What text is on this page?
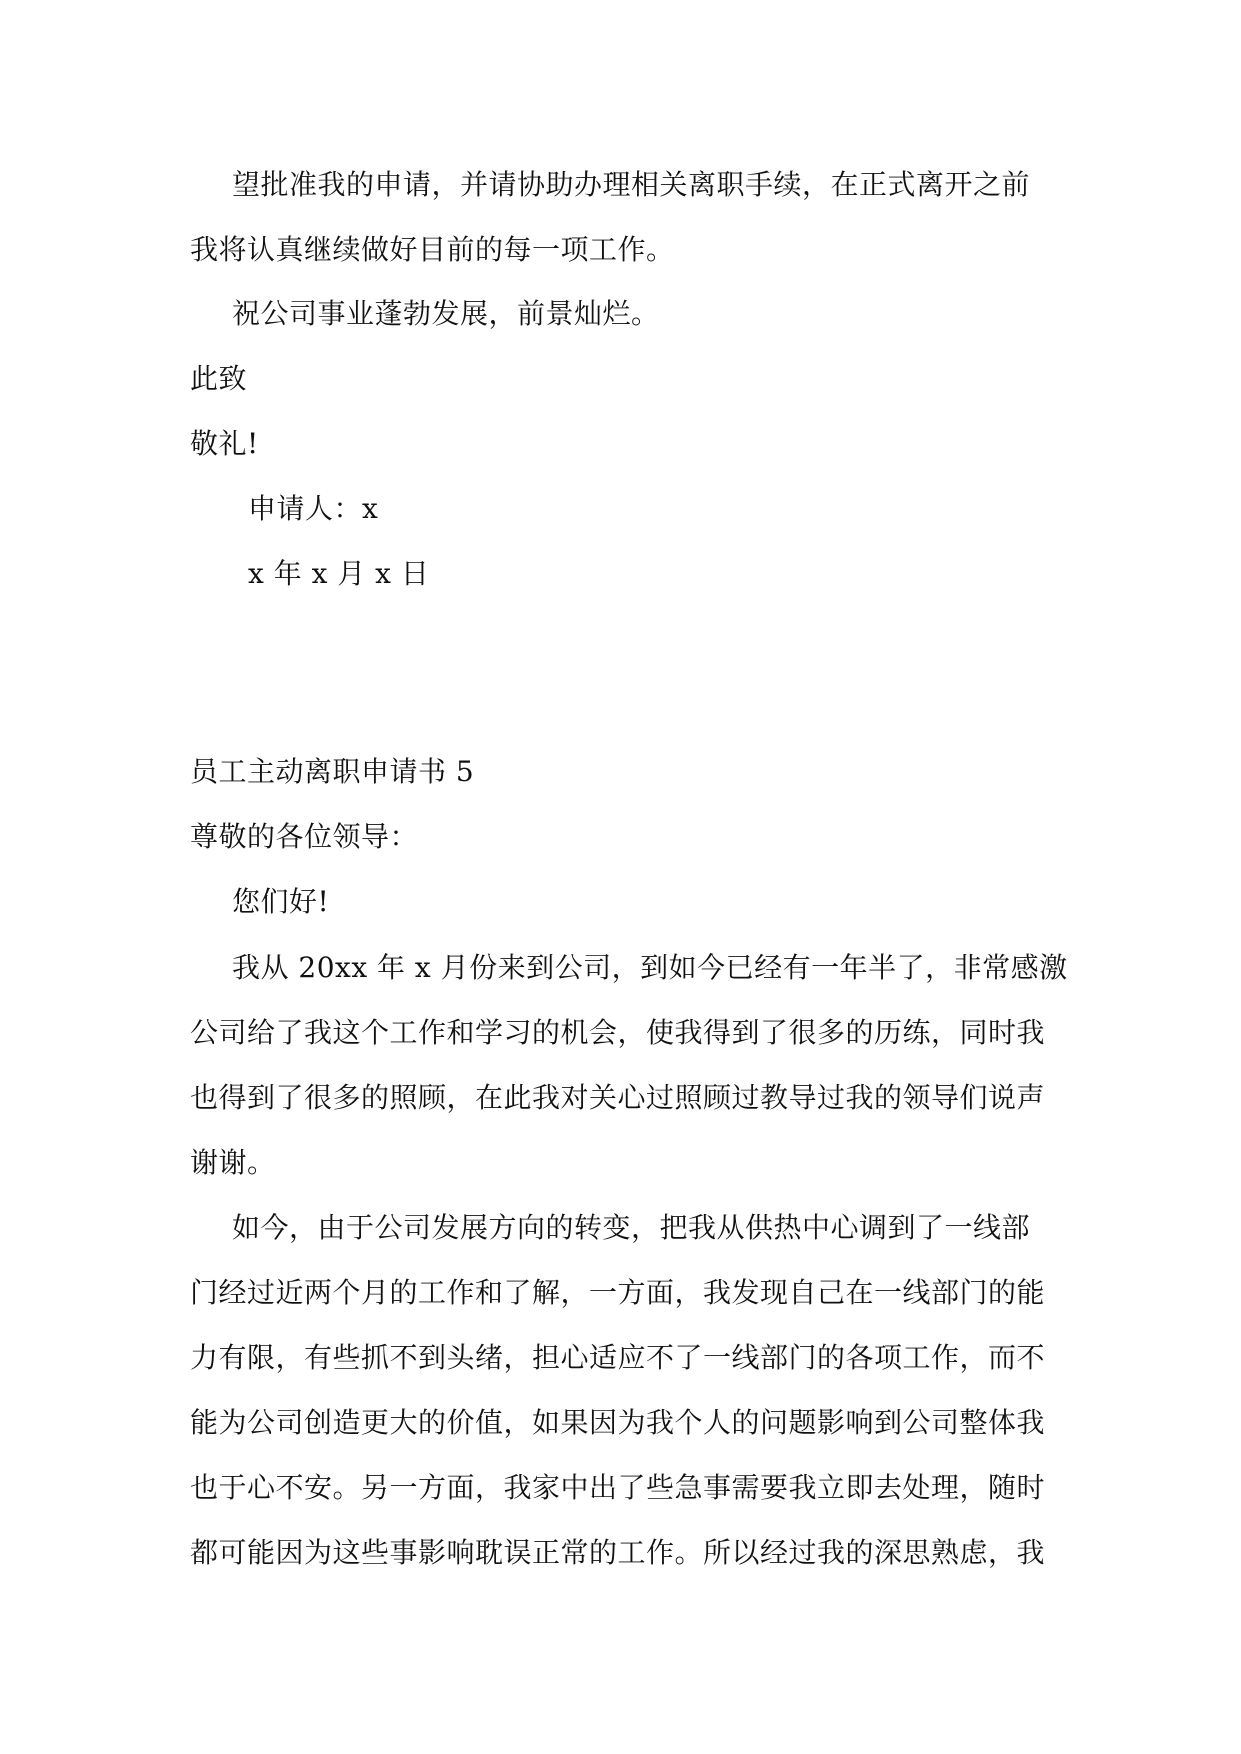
望批准我的申请，并请协助办理相关离职手续，在正式离开之前
我将认真继续做好目前的每一项工作。
祝公司事业蓬勃发展，前景灿烂。
此致
敬礼!
申请人：x
x 年 x 月 x 日
员工主动离职申请书 5
尊敬的各位领导：
您们好!
我从 20xx 年 x 月份来到公司，到如今已经有一年半了，非常感激
公司给了我这个工作和学习的机会，使我得到了很多的历练，同时我
也得到了很多的照顾，在此我对关心过照顾过教导过我的领导们说声
谢谢。
如今，由于公司发展方向的转变，把我从供热中心调到了一线部
门经过近两个月的工作和了解，一方面，我发现自己在一线部门的能
力有限，有些抓不到头绪，担心适应不了一线部门的各项工作，而不
能为公司创造更大的价值，如果因为我个人的问题影响到公司整体我
也于心不安。另一方面，我家中出了些急事需要我立即去处理，随时
都可能因为这些事影响耽误正常的工作。所以经过我的深思熟虑，我
